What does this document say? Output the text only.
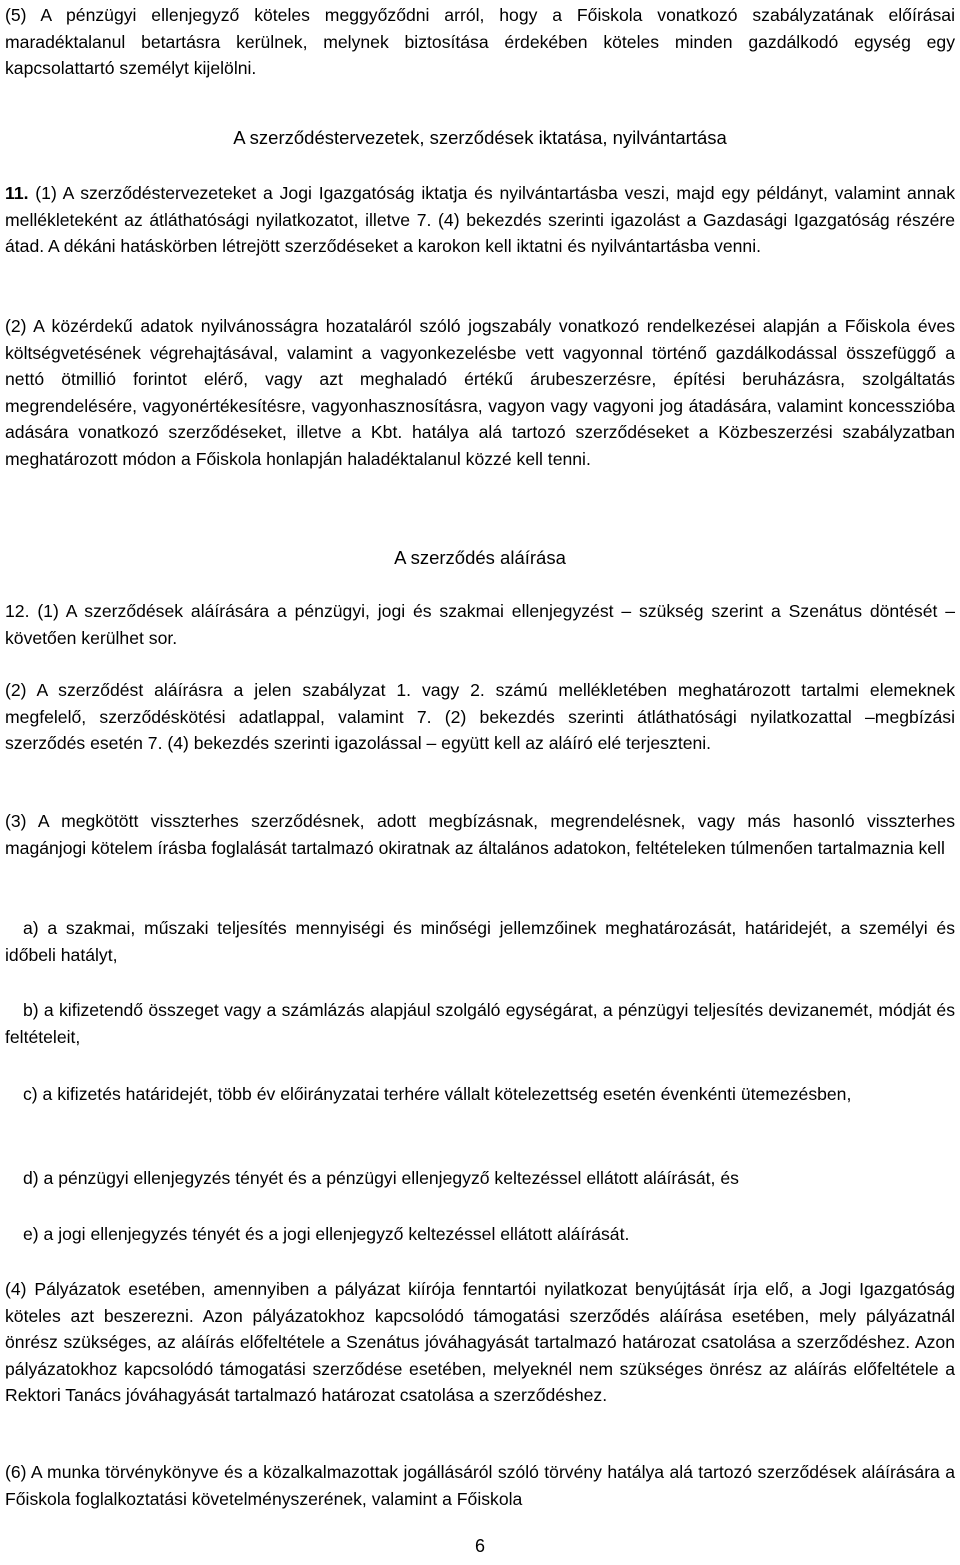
(5) A pénzügyi ellenjegyző köteles meggyőződni arról, hogy a Főiskola vonatkozó szabályzatának előírásai maradéktalanul betartásra kerülnek, melynek biztosítása érdekében köteles minden gazdálkodó egység egy kapcsolattartó személyt kijelölni.

A szerződéstervezetek, szerződések iktatása, nyilvántartása

11. (1) A szerződéstervezeteket a Jogi Igazgatóság iktatja és nyilvántartásba veszi, majd egy példányt, valamint annak mellékleteként az átláthatósági nyilatkozatot, illetve 7. (4) bekezdés szerinti igazolást a Gazdasági Igazgatóság részére átad. A dékáni hatáskörben létrejött szerződéseket a karokon kell iktatni és nyilvántartásba venni.

(2) A közérdekű adatok nyilvánosságra hozataláról szóló jogszabály vonatkozó rendelkezései alapján a Főiskola éves költségvetésének végrehajtásával, valamint a vagyonkezelésbe vett vagyonnal történő gazdálkodással összefüggő a nettó ötmillió forintot elérő, vagy azt meghaladó értékű árubeszerzésre, építési beruházásra, szolgáltatás megrendelésére, vagyonértékesítésre, vagyonhasznosításra, vagyon vagy vagyoni jog átadására, valamint koncesszióba adására vonatkozó szerződéseket, illetve a Kbt. hatálya alá tartozó szerződéseket a Közbeszerzési szabályzatban meghatározott módon a Főiskola honlapján haladéktalanul közzé kell tenni.

A szerződés aláírása

12. (1) A szerződések aláírására a pénzügyi, jogi és szakmai ellenjegyzést – szükség szerint a Szenátus döntését – követően kerülhet sor.

(2) A szerződést aláírásra a jelen szabályzat 1. vagy 2. számú mellékletében meghatározott tartalmi elemeknek megfelelő, szerződéskötési adatlappal, valamint 7. (2) bekezdés szerinti átláthatósági nyilatkozattal –megbízási szerződés esetén 7. (4) bekezdés szerinti igazolással – együtt kell az aláíró elé terjeszteni.

(3) A megkötött visszterhes szerződésnek, adott megbízásnak, megrendelésnek, vagy más hasonló visszterhes magánjogi kötelem írásba foglalását tartalmazó okiratnak az általános adatokon, feltételeken túlmenően tartalmaznia kell

a) a szakmai, műszaki teljesítés mennyiségi és minőségi jellemzőinek meghatározását, határidejét, a személyi és időbeli hatályt,

b) a kifizetendő összeget vagy a számlázás alapjául szolgáló egységárat, a pénzügyi teljesítés devizanemét, módját és feltételeit,

c) a kifizetés határidejét, több év előirányzatai terhére vállalt kötelezettség esetén évenkénti ütemezésben,

d) a pénzügyi ellenjegyzés tényét és a pénzügyi ellenjegyző keltezéssel ellátott aláírását, és

e) a jogi ellenjegyzés tényét és a jogi ellenjegyző keltezéssel ellátott aláírását.

(4) Pályázatok esetében, amennyiben a pályázat kiírója fenntartói nyilatkozat benyújtását írja elő, a Jogi Igazgatóság köteles azt beszerezni. Azon pályázatokhoz kapcsolódó támogatási szerződés aláírása esetében, mely pályázatnál önrész szükséges, az aláírás előfeltétele a Szenátus jóváhagyását tartalmazó határozat csatolása a szerződéshez. Azon pályázatokhoz kapcsolódó támogatási szerződése esetében, melyeknél nem szükséges önrész az aláírás előfeltétele a Rektori Tanács jóváhagyását tartalmazó határozat csatolása a szerződéshez.

(6) A munka törvénykönyve és a közalkalmazottak jogállásáról szóló törvény hatálya alá tartozó szerződések aláírására a Főiskola foglalkoztatási követelményszerének, valamint a Főiskola

6
